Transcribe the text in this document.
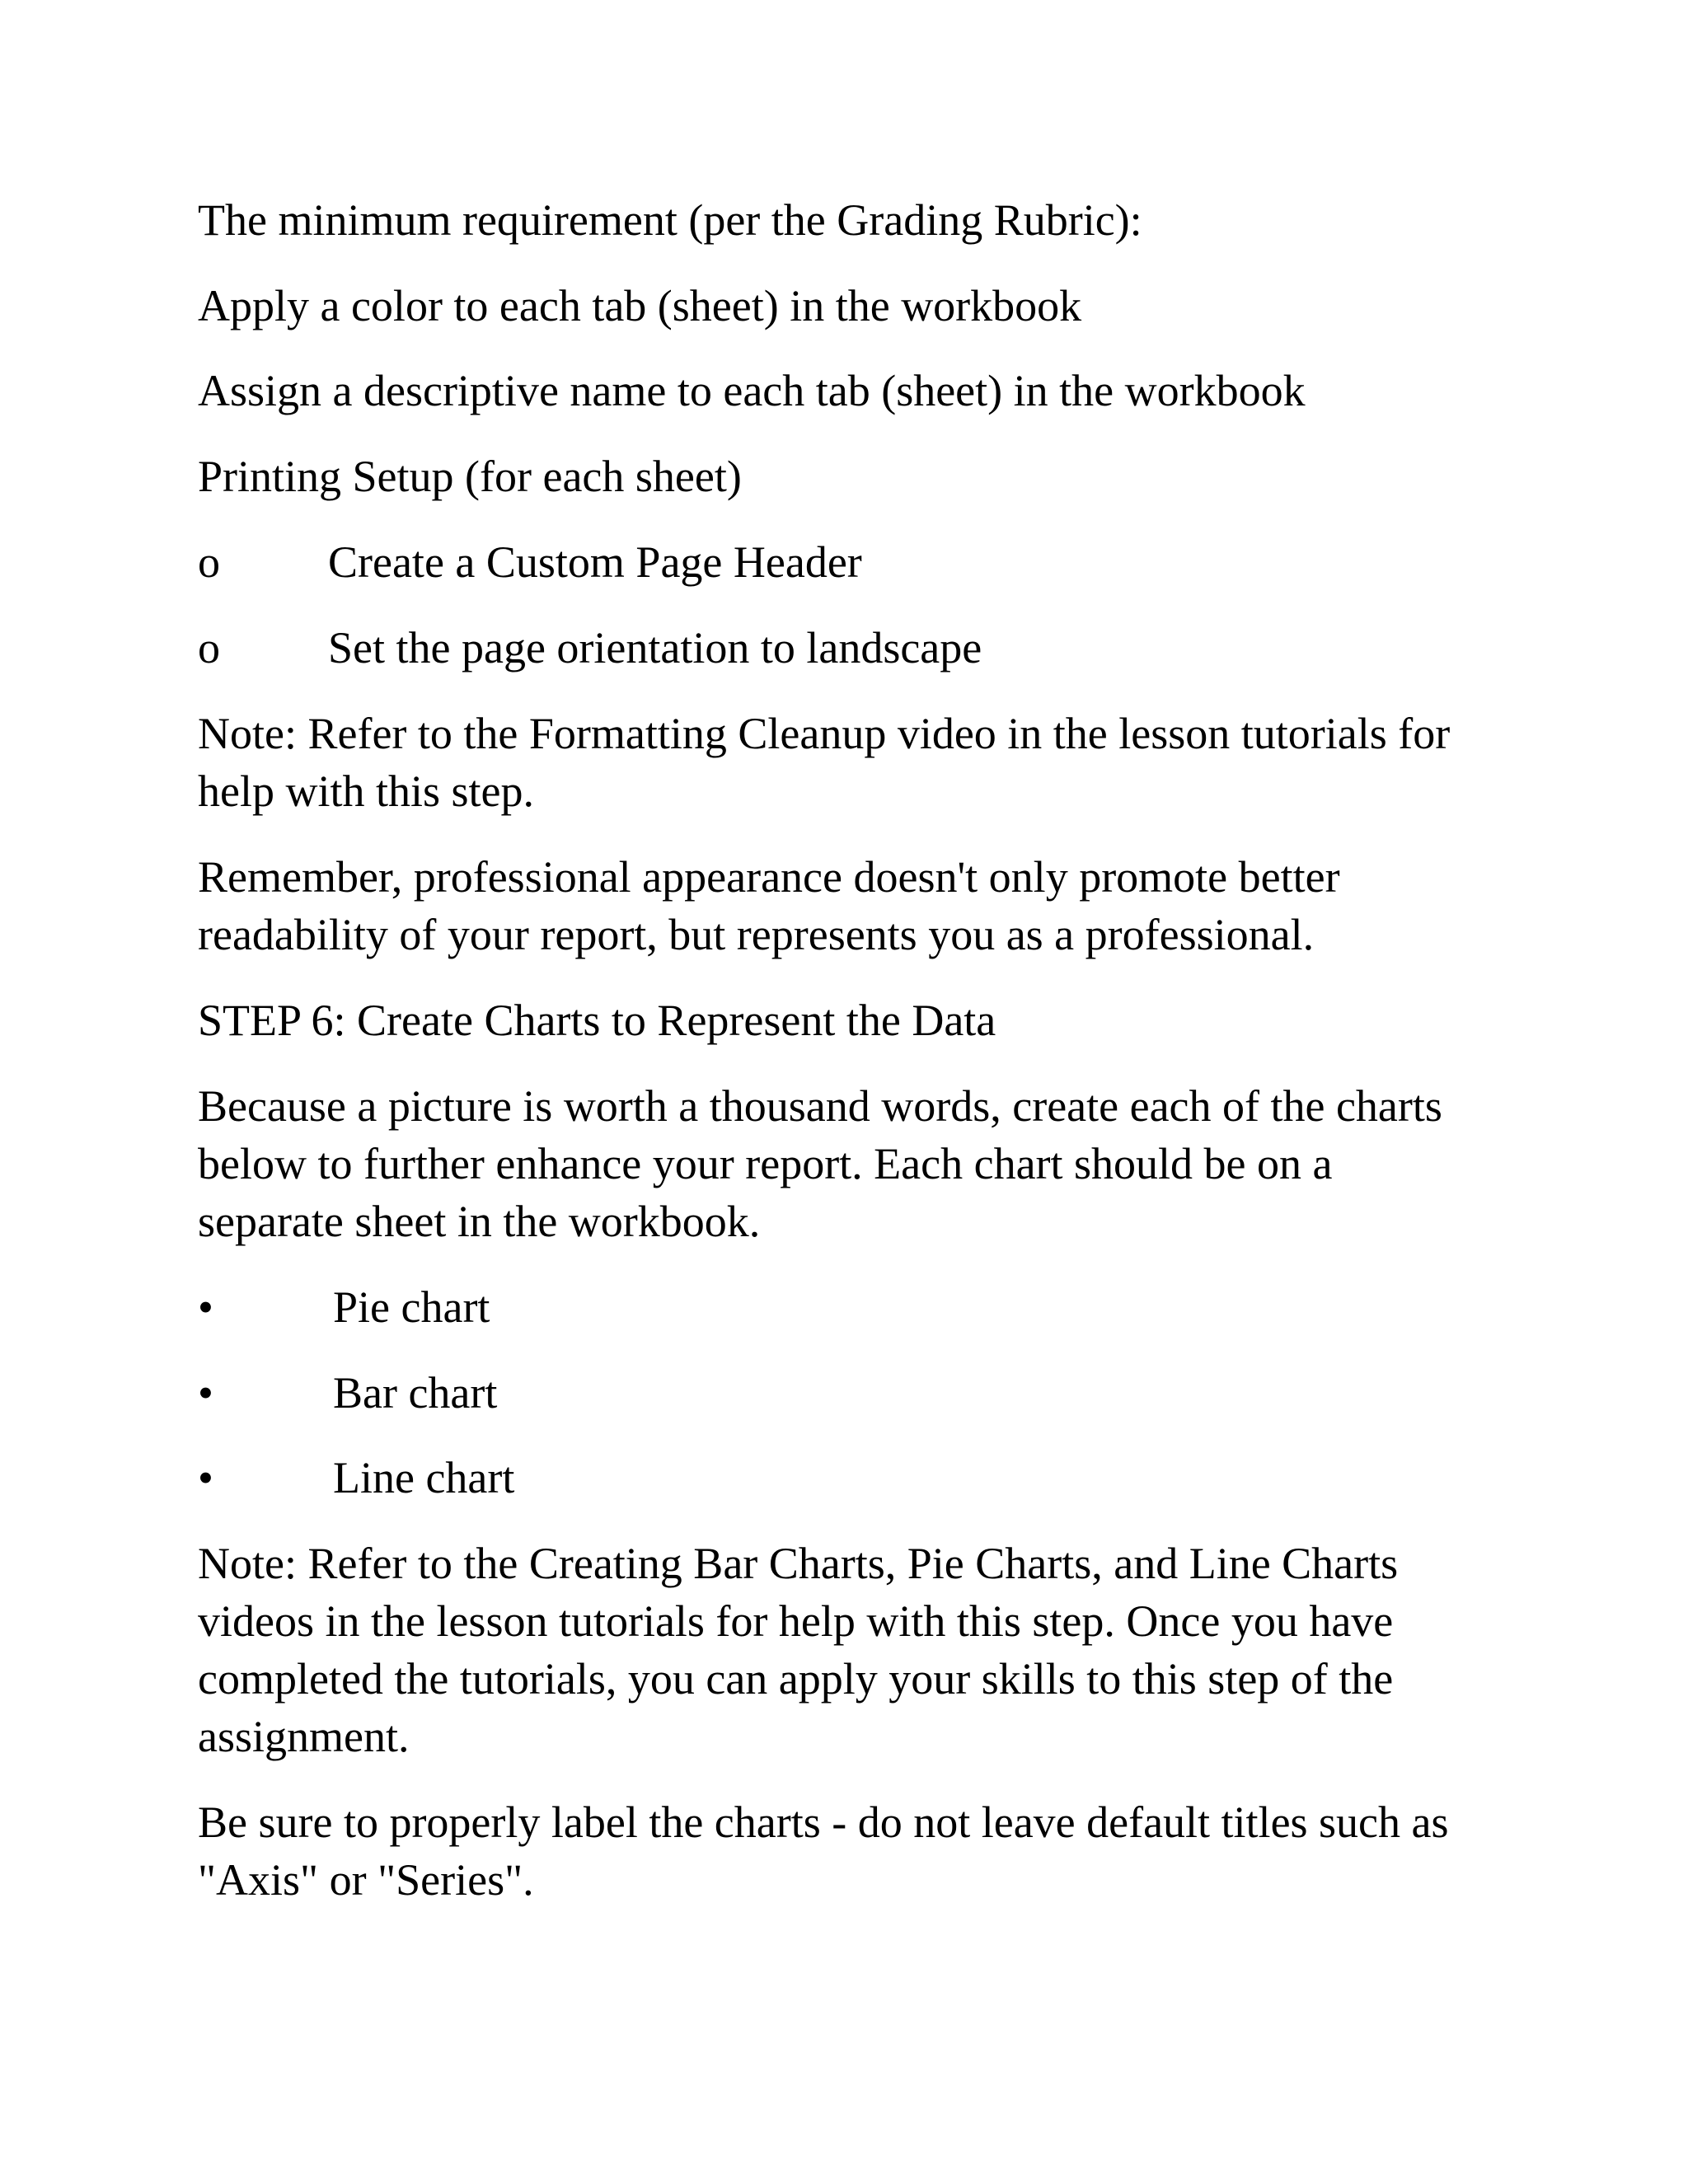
The minimum requirement (per the Grading Rubric):

Apply a color to each tab (sheet) in the workbook

Assign a descriptive name to each tab (sheet) in the workbook

Printing Setup (for each sheet)

o Create a Custom Page Header
o Set the page orientation to landscape
Note: Refer to the Formatting Cleanup video in the lesson tutorials for
help with this step.
Remember, professional appearance doesn't only promote better
readability of your report, but represents you as a professional.

STEP 6: Create Charts to Represent the Data

Because a picture is worth a thousand words, create each of the charts
below to further enhance your report. Each chart should be on a
separate sheet in the workbook.
•	Pie chart
•	Bar chart
•	Line chart
Note: Refer to the Creating Bar Charts, Pie Charts, and Line Charts
videos in the lesson tutorials for help with this step. Once you have
completed the tutorials, you can apply your skills to this step of the
assignment.
Be sure to properly label the charts - do not leave default titles such as
"Axis" or "Series".
